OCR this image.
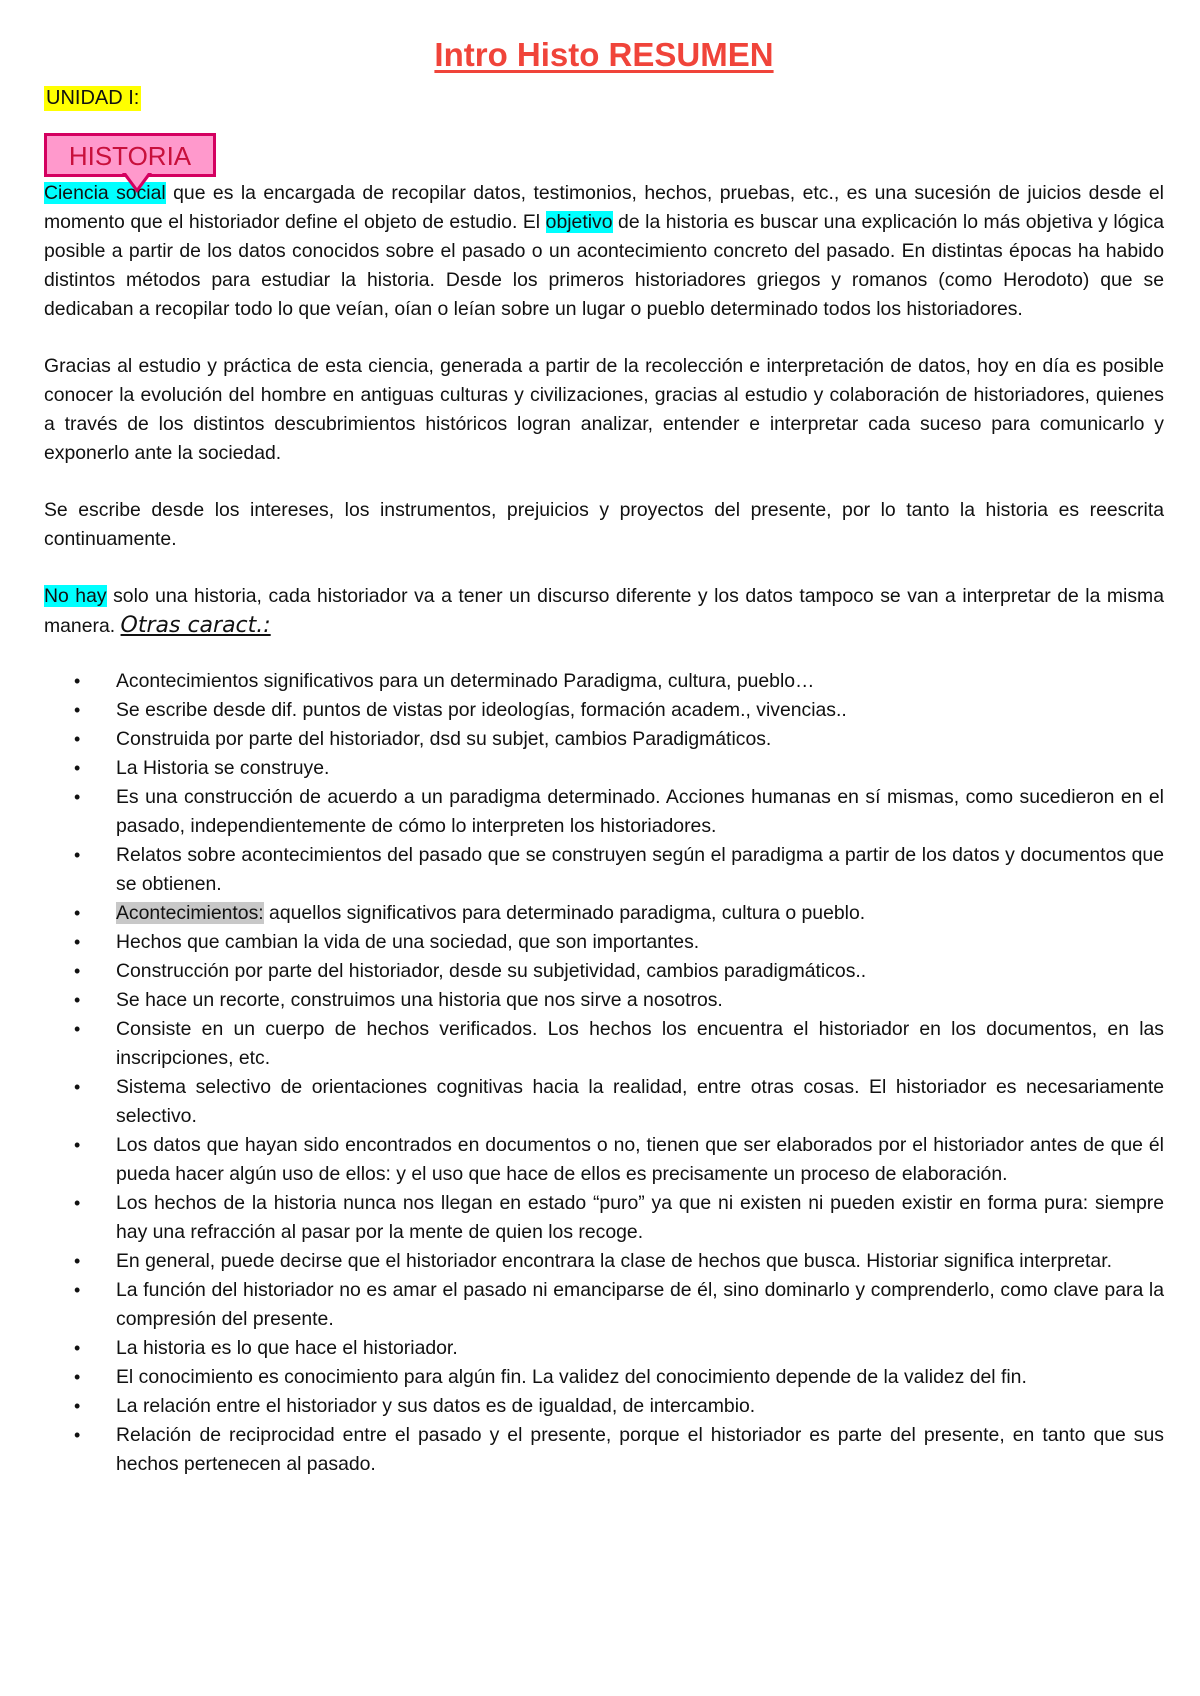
Intro Histo RESUMEN
UNIDAD I:
HISTORIA

Ciencia social que es la encargada de recopilar datos, testimonios, hechos, pruebas, etc., es una sucesión de juicios desde el momento que el historiador define el objeto de estudio. El objetivo de la historia es buscar una explicación lo más objetiva y lógica posible a partir de los datos conocidos sobre el pasado o un acontecimiento concreto del pasado. En distintas épocas ha habido distintos métodos para estudiar la historia. Desde los primeros historiadores griegos y romanos (como Herodoto) que se dedicaban a recopilar todo lo que veían, oían o leían sobre un lugar o pueblo determinado todos los historiadores.

Gracias al estudio y práctica de esta ciencia, generada a partir de la recolección e interpretación de datos, hoy en día es posible conocer la evolución del hombre en antiguas culturas y civilizaciones, gracias al estudio y colaboración de historiadores, quienes a través de los distintos descubrimientos históricos logran analizar, entender e interpretar cada suceso para comunicarlo y exponerlo ante la sociedad.

Se escribe desde los intereses, los instrumentos, prejuicios y proyectos del presente, por lo tanto la historia es reescrita continuamente.

No hay solo una historia, cada historiador va a tener un discurso diferente y los datos tampoco se van a interpretar de la misma manera. Otras caract.:

• Acontecimientos significativos para un determinado Paradigma, cultura, pueblo…
• Se escribe desde dif. puntos de vistas por ideologías, formación academ., vivencias..
• Construida por parte del historiador, dsd su subjet, cambios Paradigmáticos.
• La Historia se construye.
• Es una construcción de acuerdo a un paradigma determinado. Acciones humanas en sí mismas, como sucedieron en el pasado, independientemente de cómo lo interpreten los historiadores.
• Relatos sobre acontecimientos del pasado que se construyen según el paradigma a partir de los datos y documentos que se obtienen.
• Acontecimientos: aquellos significativos para determinado paradigma, cultura o pueblo.
• Hechos que cambian la vida de una sociedad, que son importantes.
• Construcción por parte del historiador, desde su subjetividad, cambios paradigmáticos..
• Se hace un recorte, construimos una historia que nos sirve a nosotros.
• Consiste en un cuerpo de hechos verificados. Los hechos los encuentra el historiador en los documentos, en las inscripciones, etc.
• Sistema selectivo de orientaciones cognitivas hacia la realidad, entre otras cosas. El historiador es necesariamente selectivo.
• Los datos que hayan sido encontrados en documentos o no, tienen que ser elaborados por el historiador antes de que él pueda hacer algún uso de ellos: y el uso que hace de ellos es precisamente un proceso de elaboración.
• Los hechos de la historia nunca nos llegan en estado “puro” ya que ni existen ni pueden existir en forma pura: siempre hay una refracción al pasar por la mente de quien los recoge.
• En general, puede decirse que el historiador encontrara la clase de hechos que busca. Historiar significa interpretar.
• La función del historiador no es amar el pasado ni emanciparse de él, sino dominarlo y comprenderlo, como clave para la compresión del presente.
• La historia es lo que hace el historiador.
• El conocimiento es conocimiento para algún fin. La validez del conocimiento depende de la validez del fin.
• La relación entre el historiador y sus datos es de igualdad, de intercambio.
• Relación de reciprocidad entre el pasado y el presente, porque el historiador es parte del presente, en tanto que sus hechos pertenecen al pasado.
